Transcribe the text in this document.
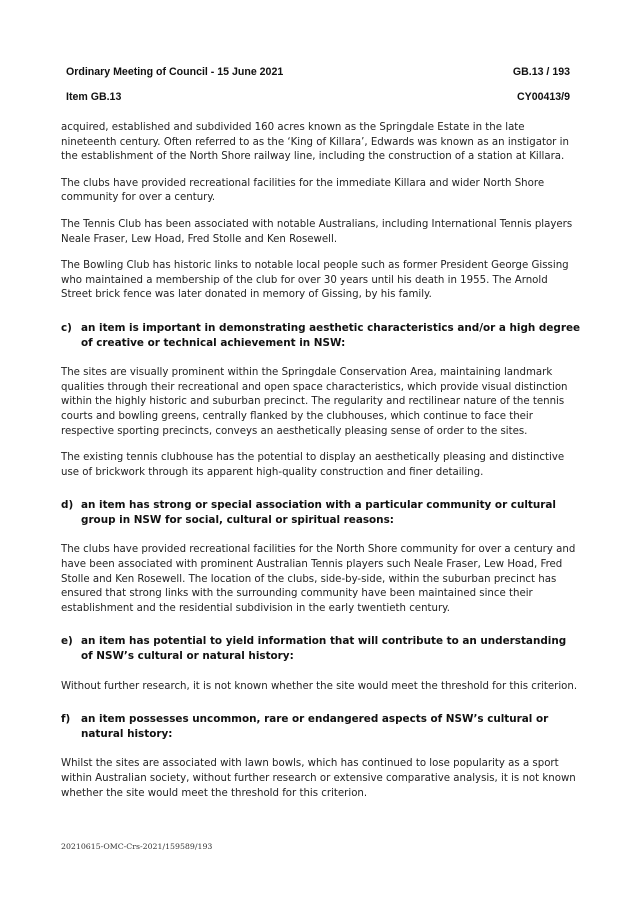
Ordinary Meeting of Council - 15 June 2021	GB.13 / 193
Item GB.13	CY00413/9

acquired, established and subdivided 160 acres known as the Springdale Estate in the late nineteenth century. Often referred to as the ‘King of Killara’, Edwards was known as an instigator in the establishment of the North Shore railway line, including the construction of a station at Killara.

The clubs have provided recreational facilities for the immediate Killara and wider North Shore community for over a century.

The Tennis Club has been associated with notable Australians, including International Tennis players Neale Fraser, Lew Hoad, Fred Stolle and Ken Rosewell.

The Bowling Club has historic links to notable local people such as former President George Gissing who maintained a membership of the club for over 30 years until his death in 1955. The Arnold Street brick fence was later donated in memory of Gissing, by his family.

c) an item is important in demonstrating aesthetic characteristics and/or a high degree of creative or technical achievement in NSW:

The sites are visually prominent within the Springdale Conservation Area, maintaining landmark qualities through their recreational and open space characteristics, which provide visual distinction within the highly historic and suburban precinct. The regularity and rectilinear nature of the tennis courts and bowling greens, centrally flanked by the clubhouses, which continue to face their respective sporting precincts, conveys an aesthetically pleasing sense of order to the sites.

The existing tennis clubhouse has the potential to display an aesthetically pleasing and distinctive use of brickwork through its apparent high-quality construction and finer detailing.

d) an item has strong or special association with a particular community or cultural group in NSW for social, cultural or spiritual reasons:

The clubs have provided recreational facilities for the North Shore community for over a century and have been associated with prominent Australian Tennis players such Neale Fraser, Lew Hoad, Fred Stolle and Ken Rosewell. The location of the clubs, side-by-side, within the suburban precinct has ensured that strong links with the surrounding community have been maintained since their establishment and the residential subdivision in the early twentieth century.

e) an item has potential to yield information that will contribute to an understanding of NSW’s cultural or natural history:

Without further research, it is not known whether the site would meet the threshold for this criterion.

f)	an item possesses uncommon, rare or endangered aspects of NSW’s cultural or natural history:

Whilst the sites are associated with lawn bowls, which has continued to lose popularity as a sport within Australian society, without further research or extensive comparative analysis, it is not known whether the site would meet the threshold for this criterion.

20210615-OMC-Crs-2021/159589/193
